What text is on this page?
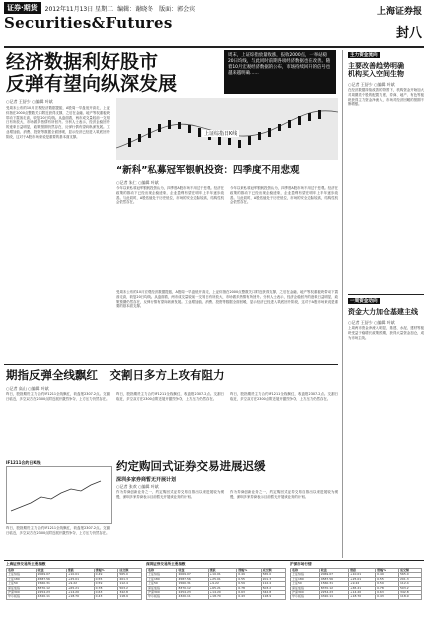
证券·期货	2012年11月13日 星期二 编辑：谢晓冬　版面：郭会宾
Securities&Futures
上海证券报
封八
经济数据利好股市
反弹有望向纵深发展
周末，上证综指放量收涨，报收2000点，一举站稳20日均线，与此同时前期各项经济数据也在改善。随着10月宏观经济数据的公布，市场持续回升的信号也越来越明确……
○记者 王舒少 ○编辑 叶斌
受周末公布的10月宏观经济数据提振，A股周一早盘低开高走，上证综指在2000点整数关口附近获得支撑，之后在金融、地产等权重板块带动下震荡走高，收复20日均线。从盘面看，两市成交量较前一交易日有所放大，市场做多热情有所回升。分析人士表示，经济企稳回升的迹象日益明显，政策预期仍然存在，反弹行情有望向纵深发展。工业增加值、消费、投资等数据全面回暖，显示经济已经进入筑底回升阶段，这对于A股市场来说是重要的基本面支撑。	上证综指日K线
“新科”私募冠军银帆投资：四季度不用悲观
○记者 朱仁 ○编辑 叶斌
今年以来私募冠军银帆投资认为，四季度A股市场不用过于悲观。经济在政策的推动下已经出现企稳迹象，企业盈利有望在明年上半年逐步改善。与此同时，A股估值处于历史低位，市场的安全边际较高，结构性机会依然存在。
今年以来私募冠军银帆投资认为，四季度A股市场不用过于悲观。经济在政策的推动下已经出现企稳迹象，企业盈利有望在明年上半年逐步改善。与此同时，A股估值处于历史低位，市场的安全边际较高，结构性机会依然存在。
受周末公布的10月宏观经济数据提振，A股周一早盘低开高走，上证综指在2000点整数关口附近获得支撑，之后在金融、地产等权重板块带动下震荡走高，收复20日均线。从盘面看，两市成交量较前一交易日有所放大，市场做多热情有所回升。分析人士表示，经济企稳回升的迹象日益明显，政策预期仍然存在，反弹行情有望向纵深发展。工业增加值、消费、投资等数据全面回暖，显示经济已经进入筑底回升阶段，这对于A股市场来说是重要的基本面支撑。
期指反弹全线飘红　交割日多方上攻有阻力
○记者 高山 ○编辑 叶斌
昨日，股指期货主力合约IF1211全线飘红，收盘报2307.2点。交割日临近，多空双方在2300点附近展开激烈争夺，上方压力仍然存在。
昨日，股指期货主力合约IF1211全线飘红，收盘报2307.2点。交割日临近，多空双方在2300点附近展开激烈争夺，上方压力仍然存在。
昨日，股指期货主力合约IF1211全线飘红，收盘报2307.2点。交割日临近，多空双方在2300点附近展开激烈争夺，上方压力仍然存在。
IF1211合约日K线	约定购回式证券交易进展迟缓
深圳多家券商暂无开展计划
○记者 张欢 ○编辑 叶斌
作为券商创新业务之一，约定购回式证券交易自推出以来进展较为缓慢，深圳多家券商表示目前暂无开展该业务的计划。
作为券商创新业务之一，约定购回式证券交易自推出以来进展较为缓慢，深圳多家券商表示目前暂无开展该业务的计划。
昨日，股指期货主力合约IF1211全线飘红，收盘报2307.2点。交割日临近，多空双方在2300点附近展开激烈争夺，上方压力仍然存在。
主力资金流向
主要改善趋势明确
机构买入空间生物
○记者 王舒少 ○编辑 叶斌
在经济数据持续改善的背景下，机构资金开始加大对周期类个股的配置力度，券商、地产、有色等板块获得主力资金净流入，市场对经济回暖的预期不断增强。
一周资金动向
资金大力加仓基建主线
○记者 王舒少 ○编辑 叶斌
上周两市资金净流入明显，基建、水泥、建材等板块受益于稳增长政策预期，获得大量资金加仓，成为市场主线。
上海证券交易所主要指数	深圳证券交易所主要指数	沪深市场行情
名称	收盘	涨跌	涨幅%	成交额
上证综指	2069.07	+10.01	0.49	565.0
上证180	4587.56	+25.01	0.55	201.3
上证50	1560.31	+9.22	0.59	112.4
深证成指	8370.12	+65.21	0.78	503.2
沪深300	2254.23	+14.20	0.63	342.8
中小板指	4320.11	+18.70	0.43	118.9
名称	收盘	涨跌	涨幅%	成交额
上证综指	2069.07	+10.01	0.49	565.0
上证180	4587.56	+25.01	0.55	201.3
上证50	1560.31	+9.22	0.59	112.4
深证成指	8370.12	+65.21	0.78	503.2
沪深300	2254.23	+14.20	0.63	342.8
中小板指	4320.11	+18.70	0.43	118.9
名称	收盘	涨跌	涨幅%	成交额
上证综指	2069.07	+10.01	0.49	565.0
上证180	4587.56	+25.01	0.55	201.3
上证50	1560.31	+9.22	0.59	112.4
深证成指	8370.12	+65.21	0.78	503.2
沪深300	2254.23	+14.20	0.63	342.8
中小板指	4320.11	+18.70	0.43	118.9
